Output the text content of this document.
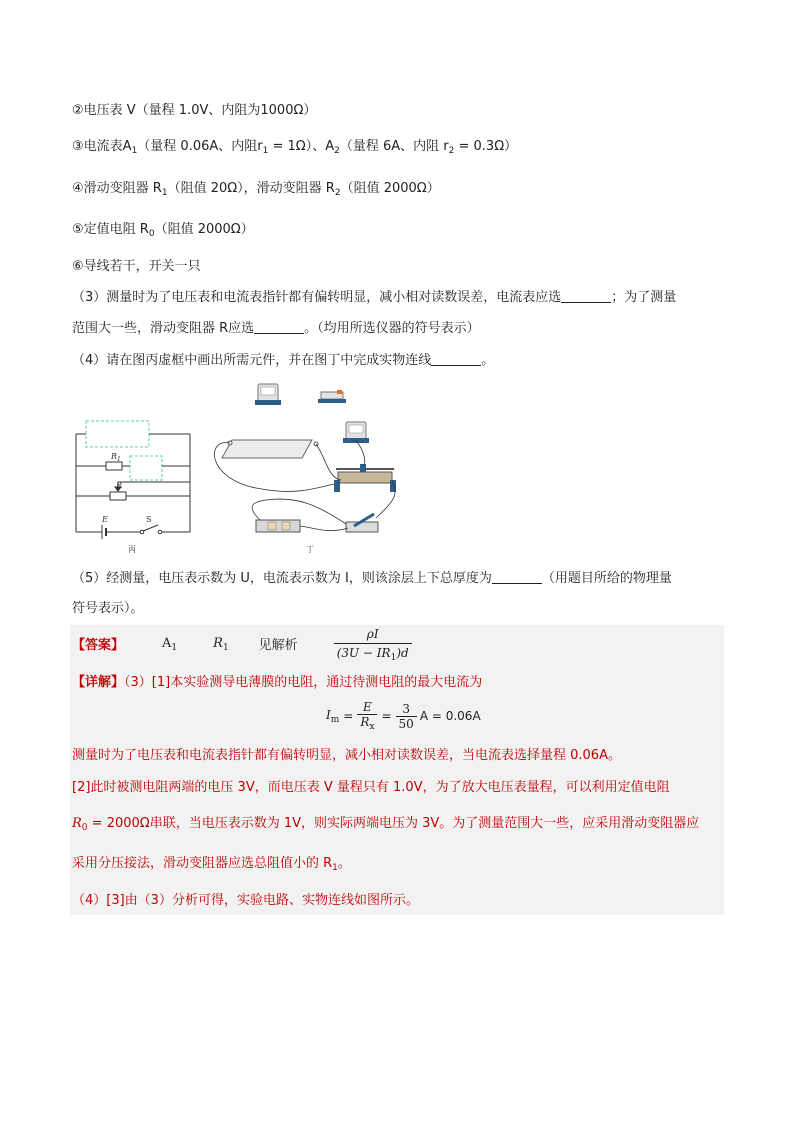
②电压表 V（量程 1.0V、内阻为1000Ω）
③电流表$A_1$（量程 0.06A、内阻$r_1 = 1\Omega$）、$A_2$（量程 6A、内阻 $r_2 = 0.3\Omega$）
④滑动变阻器 $R_1$（阻值 20Ω），滑动变阻器 $R_2$（阻值 2000Ω）
⑤定值电阻 $R_0$（阻值 2000Ω）
⑥导线若干，开关一只
（3）测量时为了电压表和电流表指针都有偏转明显，减小相对读数误差，电流表应选	；为了测量
范围大一些，滑动变阻器 R应选	。（均用所选仪器的符号表示）
（4）请在图丙虚框中画出所需元件，并在图丁中完成实物连线	。
$R_1$
R
E	S
丙	丁
（5）经测量，电压表示数为 U，电流表示数为 I，则该涂层上下总厚度为	（用题目所给的物理量
符号表示）。
【答案】	$A_1$	$R_1$ 见解析	$\frac{\rho I}{(3U - IR_1)d}$
【详解】（3）[1]本实验测导电薄膜的电阻，通过待测电阻的最大电流为
$I_m = \frac{E}{R_x} = \frac{3}{50}$ A = 0.06A
测量时为了电压表和电流表指针都有偏转明显，减小相对读数误差，当电流表选择量程 0.06A。
[2]此时被测电阻两端的电压 3V，而电压表 V 量程只有 1.0V，为了放大电压表量程，可以利用定值电阻
$R_0 = 2000\Omega$串联，当电压表示数为 1V，则实际两端电压为 3V。为了测量范围大一些，应采用滑动变阻器应
采用分压接法，滑动变阻器应选总阻值小的 $R_1$。
（4）[3]由（3）分析可得，实验电路、实物连线如图所示。
